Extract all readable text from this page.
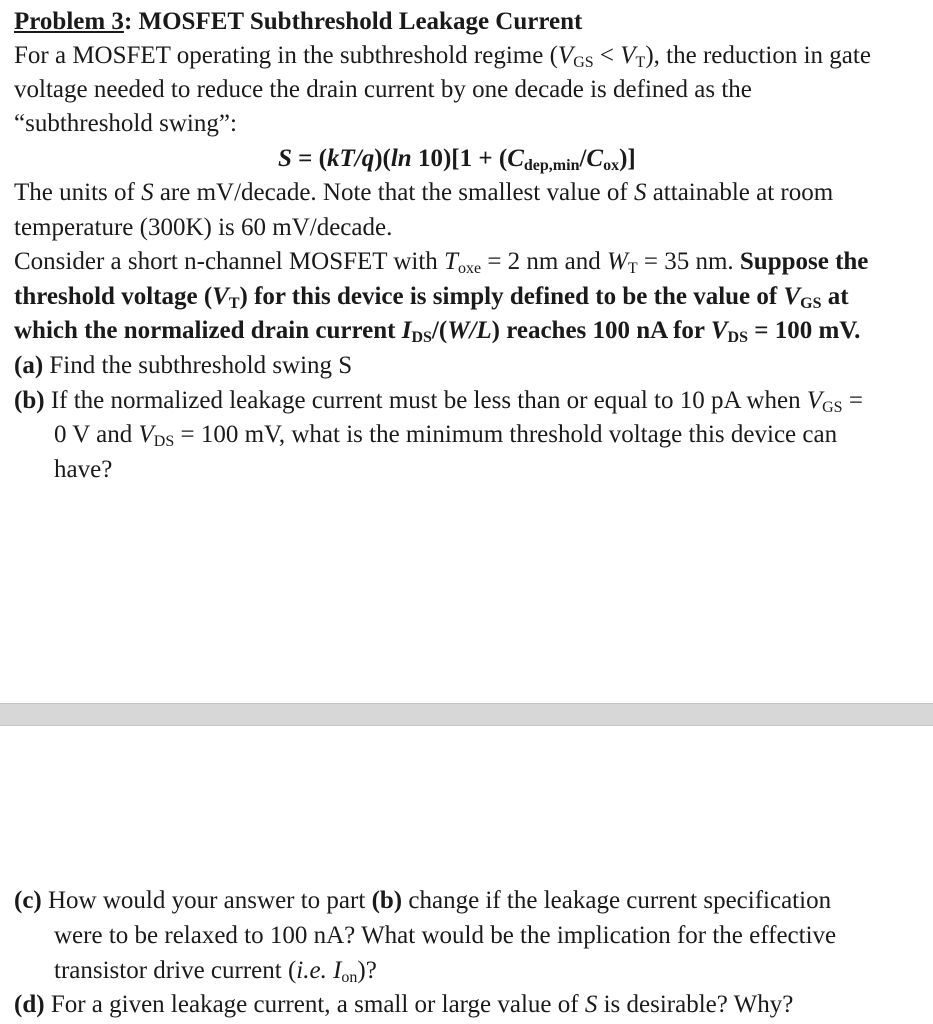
Problem 3: MOSFET Subthreshold Leakage Current
For a MOSFET operating in the subthreshold regime $(V_{GS} < V_T)$, the reduction in gate
voltage needed to reduce the drain current by one decade is defined as the
“subthreshold swing”:
S = (kT/q)(ln $10)[1 + (C_{dep,min}/C_{ox})]$
The units of S are mV/decade. Note that the smallest value of S attainable at room
temperature (300K) is 60 mV/decade.
Consider a short n-channel MOSFET with $T_{oxe} = 2$ nm and $W_T = 35$ nm. Suppose the
threshold voltage $(V_T)$ for this device is simply defined to be the value of $V_{GS}$ at
which the normalized drain current $I_{DS}/(W/L)$ reaches 100 nA for $V_{DS} = 100$ mV.
(a) Find the subthreshold swing S
(b) If the normalized leakage current must be less than or equal to 10 pA when $V_{GS}$ =
0 V and $V_{DS} = 100$ mV, what is the minimum threshold voltage this device can
have?
(c) How would your answer to part (b) change if the leakage current specification
were to be relaxed to 100 nA? What would be the implication for the effective
transistor drive current (i.e. $I_{on}$)?
(d) For a given leakage current, a small or large value of S is desirable? Why?
